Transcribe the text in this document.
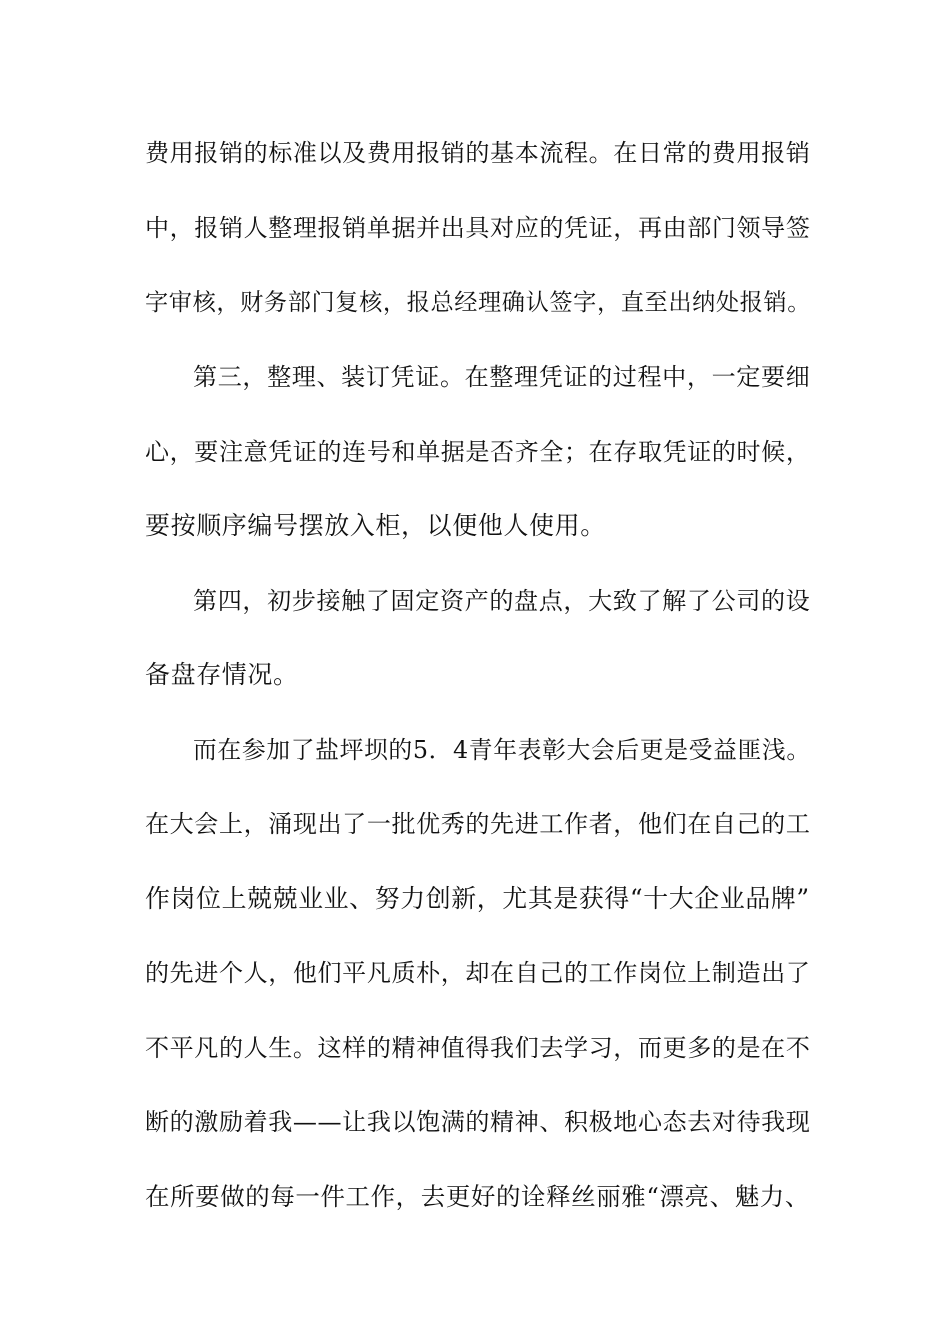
费用报销的标准以及费用报销的基本流程。在日常的费用报销
中，报销人整理报销单据并出具对应的凭证，再由部门领导签
字审核，财务部门复核，报总经理确认签字，直至出纳处报销。
第三，整理、装订凭证。在整理凭证的过程中，一定要细
心，要注意凭证的连号和单据是否齐全；在存取凭证的时候，
要按顺序编号摆放入柜，以便他人使用。
第四，初步接触了固定资产的盘点，大致了解了公司的设
备盘存情况。
而在参加了盐坪坝的5．4青年表彰大会后更是受益匪浅。
在大会上，涌现出了一批优秀的先进工作者，他们在自己的工
作岗位上兢兢业业、努力创新，尤其是获得“十大企业品牌”
的先进个人，他们平凡质朴，却在自己的工作岗位上制造出了
不平凡的人生。这样的精神值得我们去学习，而更多的是在不
断的激励着我——让我以饱满的精神、积极地心态去对待我现
在所要做的每一件工作，去更好的诠释丝丽雅“漂亮、魅力、
